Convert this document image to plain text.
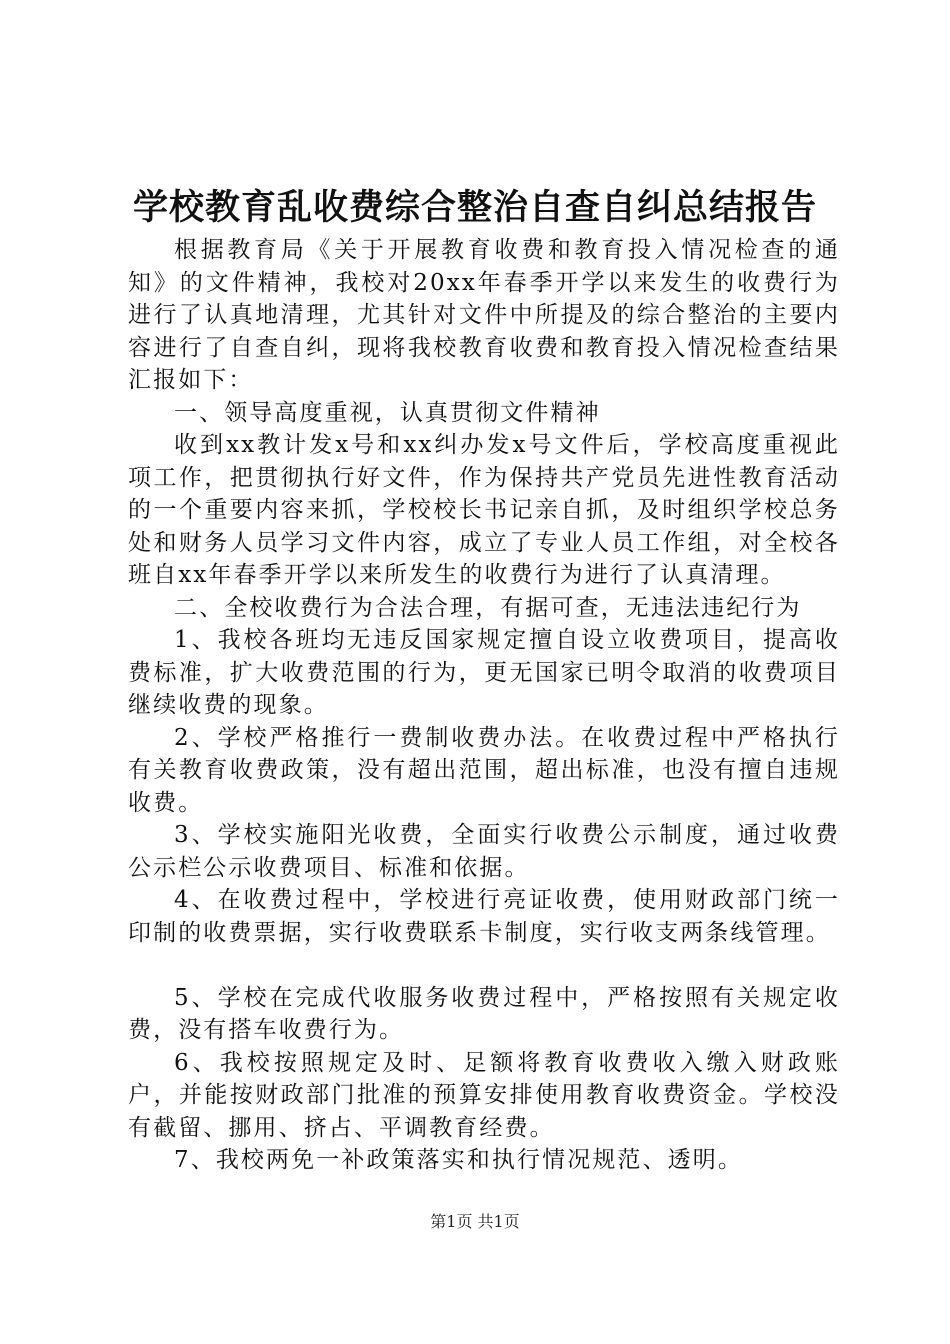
学校教育乱收费综合整治自查自纠总结报告

根据教育局《关于开展教育收费和教育投入情况检查的通知》的文件精神，我校对20xx年春季开学以来发生的收费行为进行了认真地清理，尤其针对文件中所提及的综合整治的主要内容进行了自查自纠，现将我校教育收费和教育投入情况检查结果汇报如下：

一、领导高度重视，认真贯彻文件精神

收到xx教计发x号和xx纠办发x号文件后，学校高度重视此项工作，把贯彻执行好文件，作为保持共产党员先进性教育活动的一个重要内容来抓，学校校长书记亲自抓，及时组织学校总务处和财务人员学习文件内容，成立了专业人员工作组，对全校各班自xx年春季开学以来所发生的收费行为进行了认真清理。

二、全校收费行为合法合理，有据可查，无违法违纪行为

1、我校各班均无违反国家规定擅自设立收费项目，提高收费标准，扩大收费范围的行为，更无国家已明令取消的收费项目继续收费的现象。

2、学校严格推行一费制收费办法。在收费过程中严格执行有关教育收费政策，没有超出范围，超出标准，也没有擅自违规收费。

3、学校实施阳光收费，全面实行收费公示制度，通过收费公示栏公示收费项目、标准和依据。

4、在收费过程中，学校进行亮证收费，使用财政部门统一印制的收费票据，实行收费联系卡制度，实行收支两条线管理。

5、学校在完成代收服务收费过程中，严格按照有关规定收费，没有搭车收费行为。

6、我校按照规定及时、足额将教育收费收入缴入财政账户，并能按财政部门批准的预算安排使用教育收费资金。学校没有截留、挪用、挤占、平调教育经费。

7、我校两免一补政策落实和执行情况规范、透明。

第1页 共1页
